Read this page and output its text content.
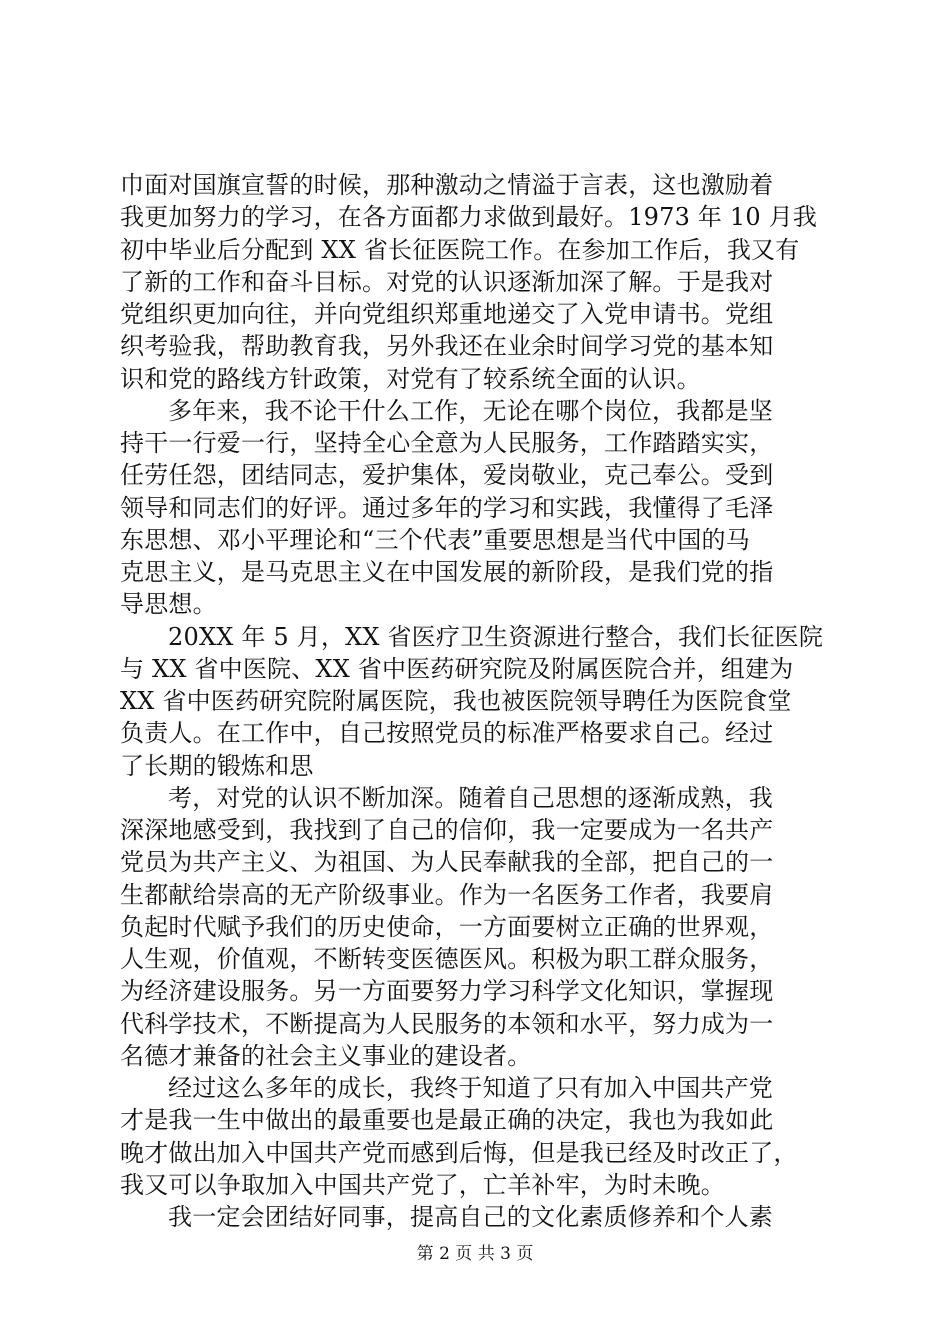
巾面对国旗宣誓的时候，那种激动之情溢于言表，这也激励着
我更加努力的学习，在各方面都力求做到最好。1973 年 10 月我
初中毕业后分配到 XX 省长征医院工作。在参加工作后，我又有
了新的工作和奋斗目标。对党的认识逐渐加深了解。于是我对
党组织更加向往，并向党组织郑重地递交了入党申请书。党组
织考验我，帮助教育我，另外我还在业余时间学习党的基本知
识和党的路线方针政策，对党有了较系统全面的认识。
多年来，我不论干什么工作，无论在哪个岗位，我都是坚
持干一行爱一行，坚持全心全意为人民服务，工作踏踏实实，
任劳任怨，团结同志，爱护集体，爱岗敬业，克己奉公。受到
领导和同志们的好评。通过多年的学习和实践，我懂得了毛泽
东思想、邓小平理论和“三个代表”重要思想是当代中国的马
克思主义，是马克思主义在中国发展的新阶段，是我们党的指
导思想。
20XX 年 5 月，XX 省医疗卫生资源进行整合，我们长征医院
与 XX 省中医院、XX 省中医药研究院及附属医院合并，组建为
XX 省中医药研究院附属医院，我也被医院领导聘任为医院食堂
负责人。在工作中，自己按照党员的标准严格要求自己。经过
了长期的锻炼和思
考，对党的认识不断加深。随着自己思想的逐渐成熟，我
深深地感受到，我找到了自己的信仰，我一定要成为一名共产
党员为共产主义、为祖国、为人民奉献我的全部，把自己的一
生都献给崇高的无产阶级事业。作为一名医务工作者，我要肩
负起时代赋予我们的历史使命，一方面要树立正确的世界观，
人生观，价值观，不断转变医德医风。积极为职工群众服务，
为经济建设服务。另一方面要努力学习科学文化知识，掌握现
代科学技术，不断提高为人民服务的本领和水平，努力成为一
名德才兼备的社会主义事业的建设者。
经过这么多年的成长，我终于知道了只有加入中国共产党
才是我一生中做出的最重要也是最正确的决定，我也为我如此
晚才做出加入中国共产党而感到后悔，但是我已经及时改正了，
我又可以争取加入中国共产党了，亡羊补牢，为时未晚。
我一定会团结好同事，提高自己的文化素质修养和个人素
第 2 页 共 3 页
